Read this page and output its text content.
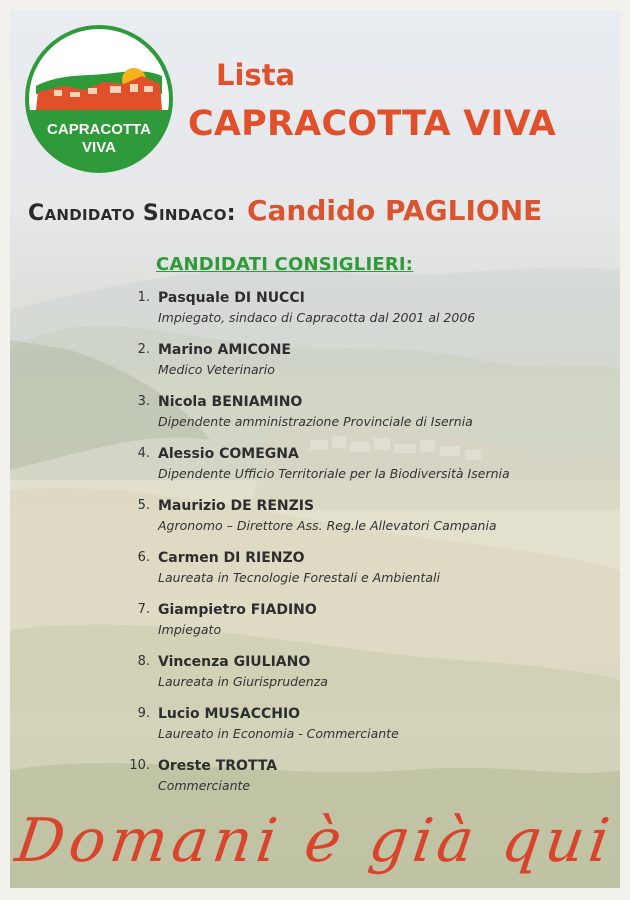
CAPRACOTTA
VIVA
Lista
CAPRACOTTA VIVA
Candidato Sindaco: Candido PAGLIONE
CANDIDATI CONSIGLIERI:
1. Pasquale DI NUCCI
Impiegato, sindaco di Capracotta dal 2001 al 2006
2. Marino AMICONE
Medico Veterinario
3. Nicola BENIAMINO
Dipendente amministrazione Provinciale di Isernia
4. Alessio COMEGNA
Dipendente Ufficio Territoriale per la Biodiversità Isernia
5. Maurizio DE RENZIS
Agronomo – Direttore Ass. Reg.le Allevatori Campania
6. Carmen DI RIENZO
Laureata in Tecnologie Forestali e Ambientali
7. Giampietro FIADINO
Impiegato
8. Vincenza GIULIANO
Laureata in Giurisprudenza
9. Lucio MUSACCHIO
Laureato in Economia - Commerciante
10. Oreste TROTTA
Commerciante

Domani è già qui
